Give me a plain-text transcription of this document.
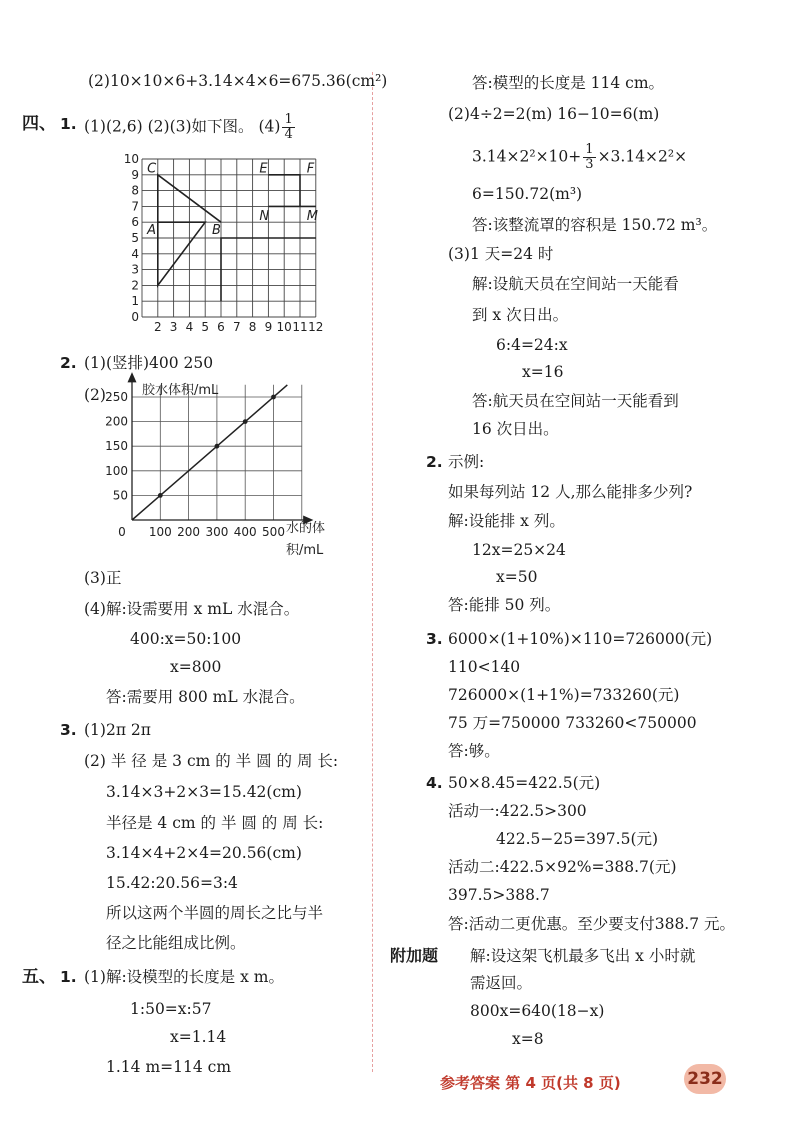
(2)10×10×6+3.14×4×6=675.36(cm²)
四、 1. (1)(2,6) (2)(3)如下图。 $(4) \frac{1}{4}$
10
9
8
7
6
5
4
3
2
1
0
2 3 4 5 6 7 8 9 10 11 12
C
A	B
E	F
N	M
2. (1)(竖排)400 250
(2)
0 100 200 300 400 500
50
100
150
200
250 胶水体积/mL
水的体
积/mL
(3)正
(4)解:设需要用 x mL 水混合。
400:x=50:100
x=800
答:需要用 800 mL 水混合。
3. (1)2π 2π
(2) 半 径 是 3 cm 的 半 圆 的 周 长:
3.14×3+2×3=15.42(cm)
半径是 4 cm 的 半 圆 的 周 长:
3.14×4+2×4=20.56(cm)
15.42:20.56=3:4
所以这两个半圆的周长之比与半
径之比能组成比例。
五、 1. (1)解:设模型的长度是 x m。
1:50=x:57
x=1.14
1.14 m=114 cm
答:模型的长度是 114 cm。
(2)4÷2=2(m) 16−10=6(m)
$3.14\times 2^2\times 10+ \frac{1}{3} \times 3.14\times 2^2\times$
6=150.72(m³)
答:该整流罩的容积是 150.72 m³。
(3)1 天=24 时
解:设航天员在空间站一天能看
到 x 次日出。
6:4=24:x
x=16
答:航天员在空间站一天能看到
16 次日出。
2. 示例:
如果每列站 12 人,那么能排多少列?
解:设能排 x 列。
12x=25×24
x=50
答:能排 50 列。
3. 6000×(1+10%)×110=726000(元)
110<140
726000×(1+1%)=733260(元)
75 万=750000 733260<750000
答:够。
4. 50×8.45=422.5(元)
活动一:422.5>300
422.5−25=397.5(元)
活动二:422.5×92%=388.7(元)
397.5>388.7
答:活动二更优惠。至少要支付388.7 元。
附加题 解:设这架飞机最多飞出 x 小时就
需返回。
800x=640(18−x)
x=8
参考答案 第 4 页(共 8 页)	232
